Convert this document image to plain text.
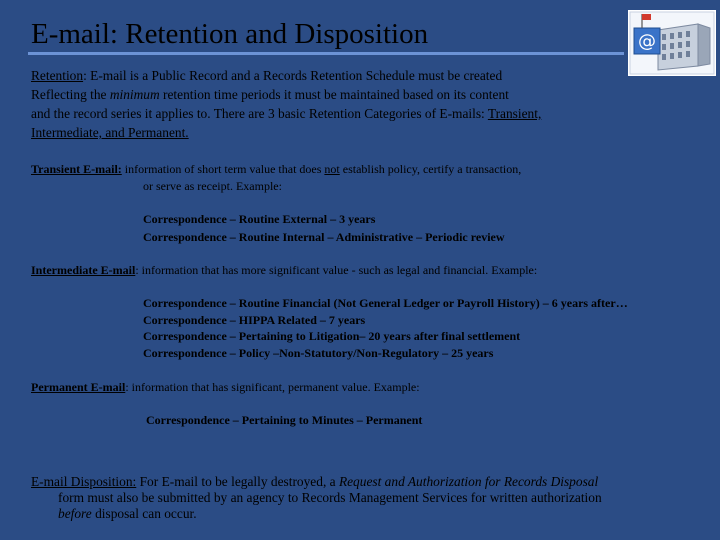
E-mail: Retention and Disposition	@
Retention: E-mail is a Public Record and a Records Retention Schedule must be created
Reflecting the minimum retention time periods it must be maintained based on its content
and the record series it applies to. There are 3 basic Retention Categories of E-mails: Transient,
Intermediate, and Permanent.
Transient E-mail: information of short term value that does not establish policy, certify a transaction,
or serve as receipt. Example:
Correspondence – Routine External – 3 years
Correspondence – Routine Internal – Administrative – Periodic review
Intermediate E-mail: information that has more significant value - such as legal and financial. Example:
Correspondence – Routine Financial (Not General Ledger or Payroll History) – 6 years after…
Correspondence – HIPPA Related – 7 years
Correspondence – Pertaining to Litigation– 20 years after final settlement
Correspondence – Policy –Non-Statutory/Non-Regulatory – 25 years
Permanent E-mail: information that has significant, permanent value. Example:
Correspondence – Pertaining to Minutes – Permanent
E-mail Disposition: For E-mail to be legally destroyed, a Request and Authorization for Records Disposal
form must also be submitted by an agency to Records Management Services for written authorization
before disposal can occur.
